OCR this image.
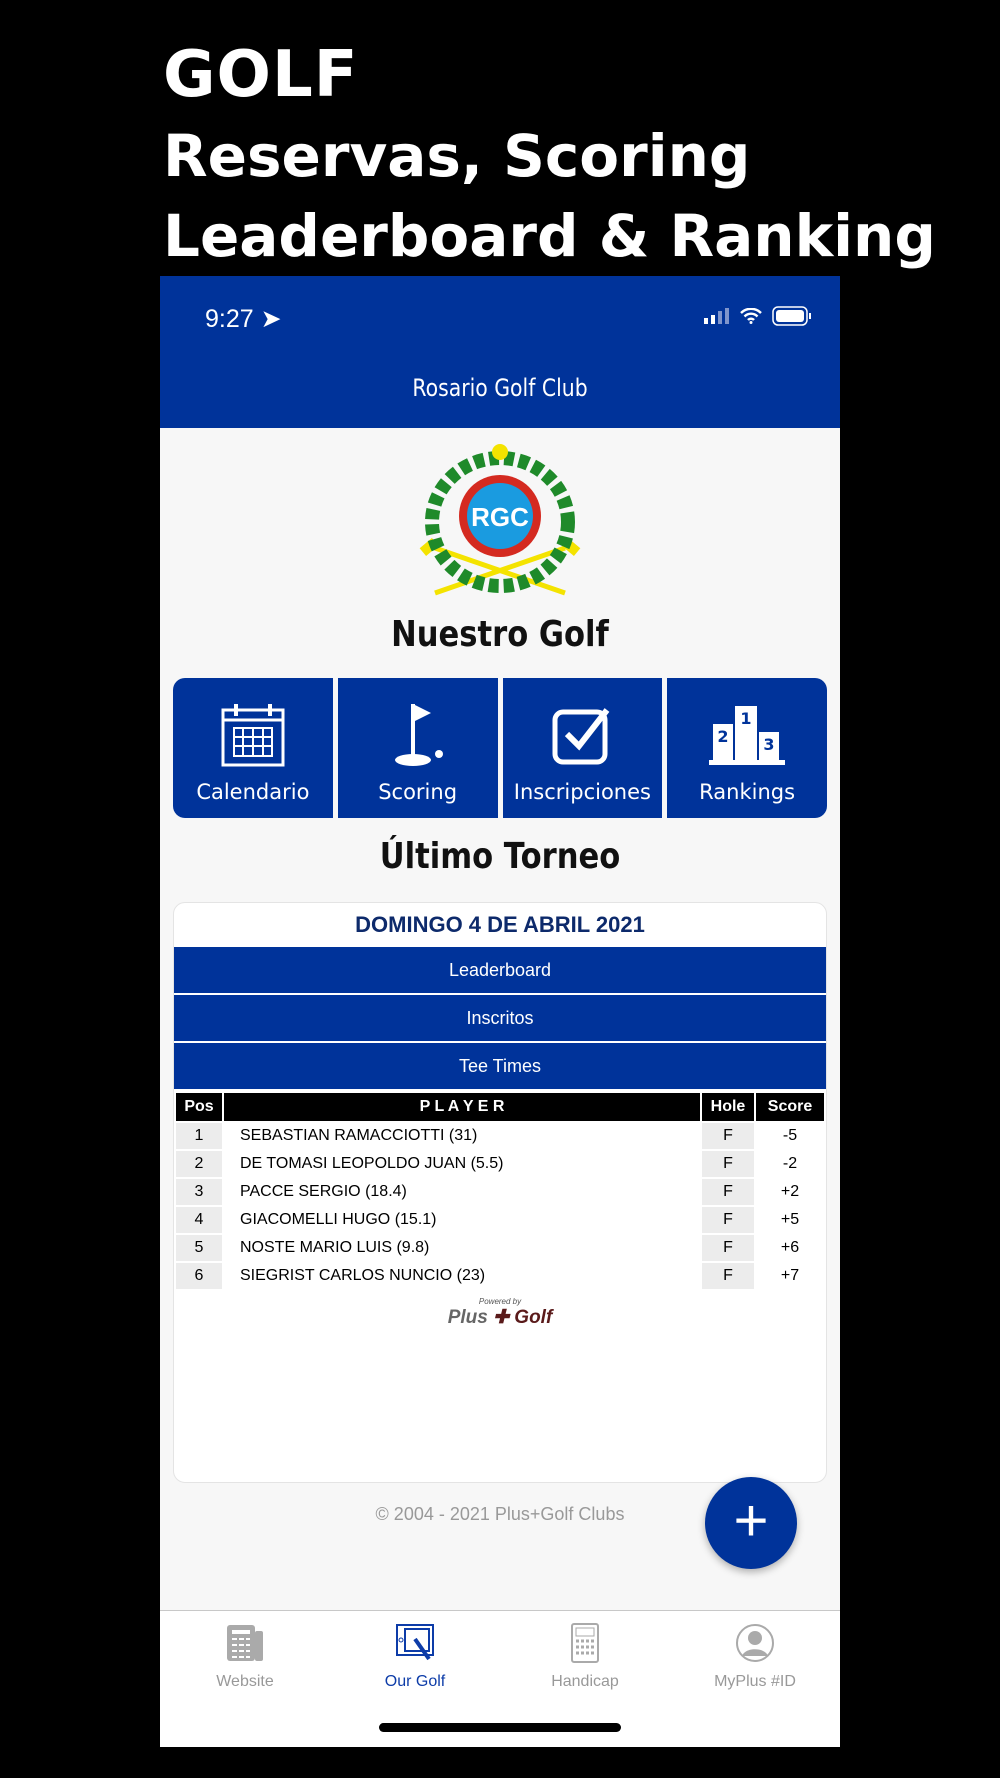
GOLF
Reservas, Scoring
Leaderboard & Ranking
9:27 ➤
Rosario Golf Club
RGC
Nuestro Golf
Calendario	Scoring	Inscripciones
1
2 3
Rankings
Último Torneo
DOMINGO 4 DE ABRIL 2021
Leaderboard
Inscritos
Tee Times
Pos	P L A Y E R	Hole	Score
1	SEBASTIAN RAMACCIOTTI (31)	F	-5
2	DE TOMASI LEOPOLDO JUAN (5.5)	F	-2
3	PACCE SERGIO (18.4)	F	+2
4	GIACOMELLI HUGO (15.1)	F	+5
5	NOSTE MARIO LUIS (9.8)	F	+6
6	SIEGRIST CARLOS NUNCIO (23)	F	+7
Powered by
Plus ✚ Golf
© 2004 - 2021 Plus+Golf Clubs	+
Website	Our Golf	Handicap	MyPlus #ID
